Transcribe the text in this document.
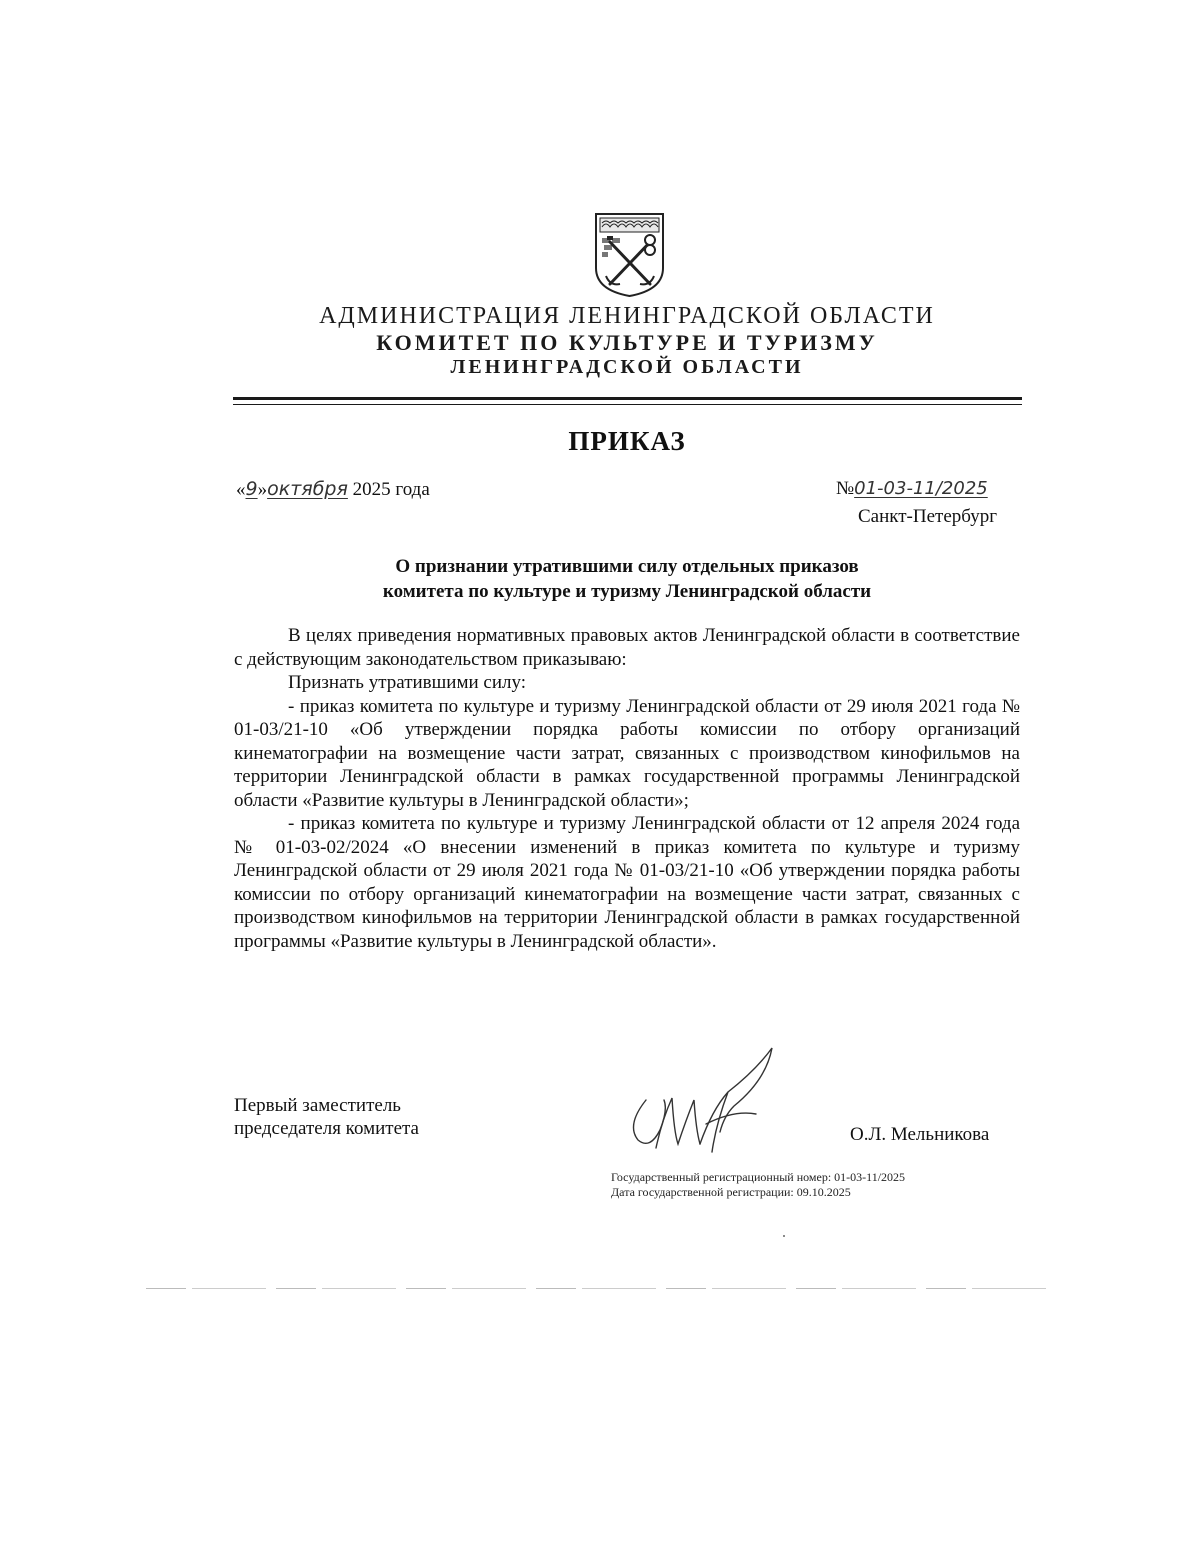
АДМИНИСТРАЦИЯ ЛЕНИНГРАДСКОЙ ОБЛАСТИ
КОМИТЕТ ПО КУЛЬТУРЕ И ТУРИЗМУ
ЛЕНИНГРАДСКОЙ ОБЛАСТИ
ПРИКАЗ
«9»октября 2025 года	№01-03-11/2025
Санкт-Петербург
О признании утратившими силу отдельных приказов
комитета по культуре и туризму Ленинградской области

В целях приведения нормативных правовых актов Ленинградской области в соответствие с действующим законодательством приказываю:

Признать утратившими силу:

- приказ комитета по культуре и туризму Ленинградской области от 29 июля 2021 года № 01-03/21-10 «Об утверждении порядка работы комиссии по отбору организаций кинематографии на возмещение части затрат, связанных с производством кинофильмов на территории Ленинградской области в рамках государственной программы Ленинградской области «Развитие культуры в Ленинградской области»;

- приказ комитета по культуре и туризму Ленинградской области от 12 апреля 2024 года № 01-03-02/2024 «О внесении изменений в приказ комитета по культуре и туризму Ленинградской области от 29 июля 2021 года № 01-03/21-10 «Об утверждении порядка работы комиссии по отбору организаций кинематографии на возмещение части затрат, связанных с производством кинофильмов на территории Ленинградской области в рамках государственной программы «Развитие культуры в Ленинградской области».

Первый заместитель
председателя комитета	О.Л. Мельникова
Государственный регистрационный номер: 01-03-11/2025
Дата государственной регистрации: 09.10.2025
